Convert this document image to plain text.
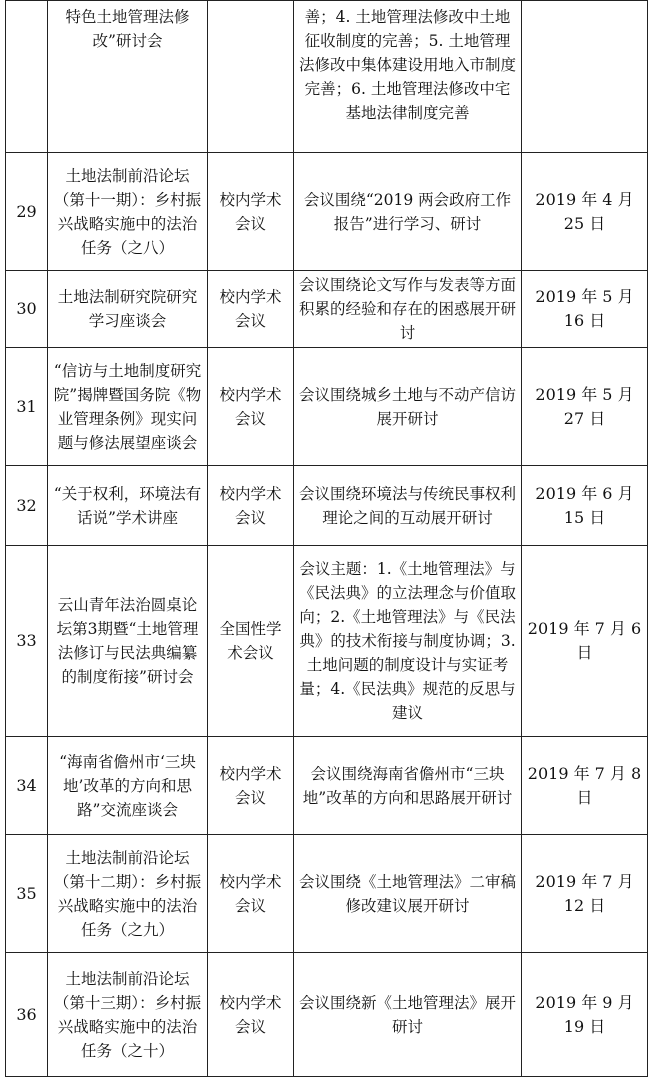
	特色土地管理法修改”研讨会		善；4. 土地管理法修改中土地征收制度的完善；5. 土地管理法修改中集体建设用地入市制度完善；6. 土地管理法修改中宅基地法律制度完善	
29	土地法制前沿论坛（第十一期）：乡村振兴战略实施中的法治任务（之八）	校内学术会议	会议围绕“2019 两会政府工作报告”进行学习、研讨	2019 年 4 月 25 日
30	土地法制研究院研究学习座谈会	校内学术会议	会议围绕论文写作与发表等方面积累的经验和存在的困惑展开研讨	2019 年 5 月 16 日
31	“信访与土地制度研究院”揭牌暨国务院《物业管理条例》现实问题与修法展望座谈会	校内学术会议	会议围绕城乡土地与不动产信访展开研讨	2019 年 5 月 27 日
32	“关于权利，环境法有话说”学术讲座	校内学术会议	会议围绕环境法与传统民事权利理论之间的互动展开研讨	2019 年 6 月 15 日
33	云山青年法治圆桌论坛第3期暨“土地管理法修订与民法典编纂的制度衔接”研讨会	全国性学术会议	会议主题：1.《土地管理法》与《民法典》的立法理念与价值取向；2.《土地管理法》与《民法典》的技术衔接与制度协调；3. 土地问题的制度设计与实证考量；4.《民法典》规范的反思与建议	2019 年 7 月 6 日
34	“海南省儋州市‘三块地’改革的方向和思路”交流座谈会	校内学术会议	会议围绕海南省儋州市“三块地”改革的方向和思路展开研讨	2019 年 7 月 8 日
35	土地法制前沿论坛（第十二期）：乡村振兴战略实施中的法治任务（之九）	校内学术会议	会议围绕《土地管理法》二审稿修改建议展开研讨	2019 年 7 月 12 日
36	土地法制前沿论坛（第十三期）：乡村振兴战略实施中的法治任务（之十）	校内学术会议	会议围绕新《土地管理法》展开研讨	2019 年 9 月 19 日
